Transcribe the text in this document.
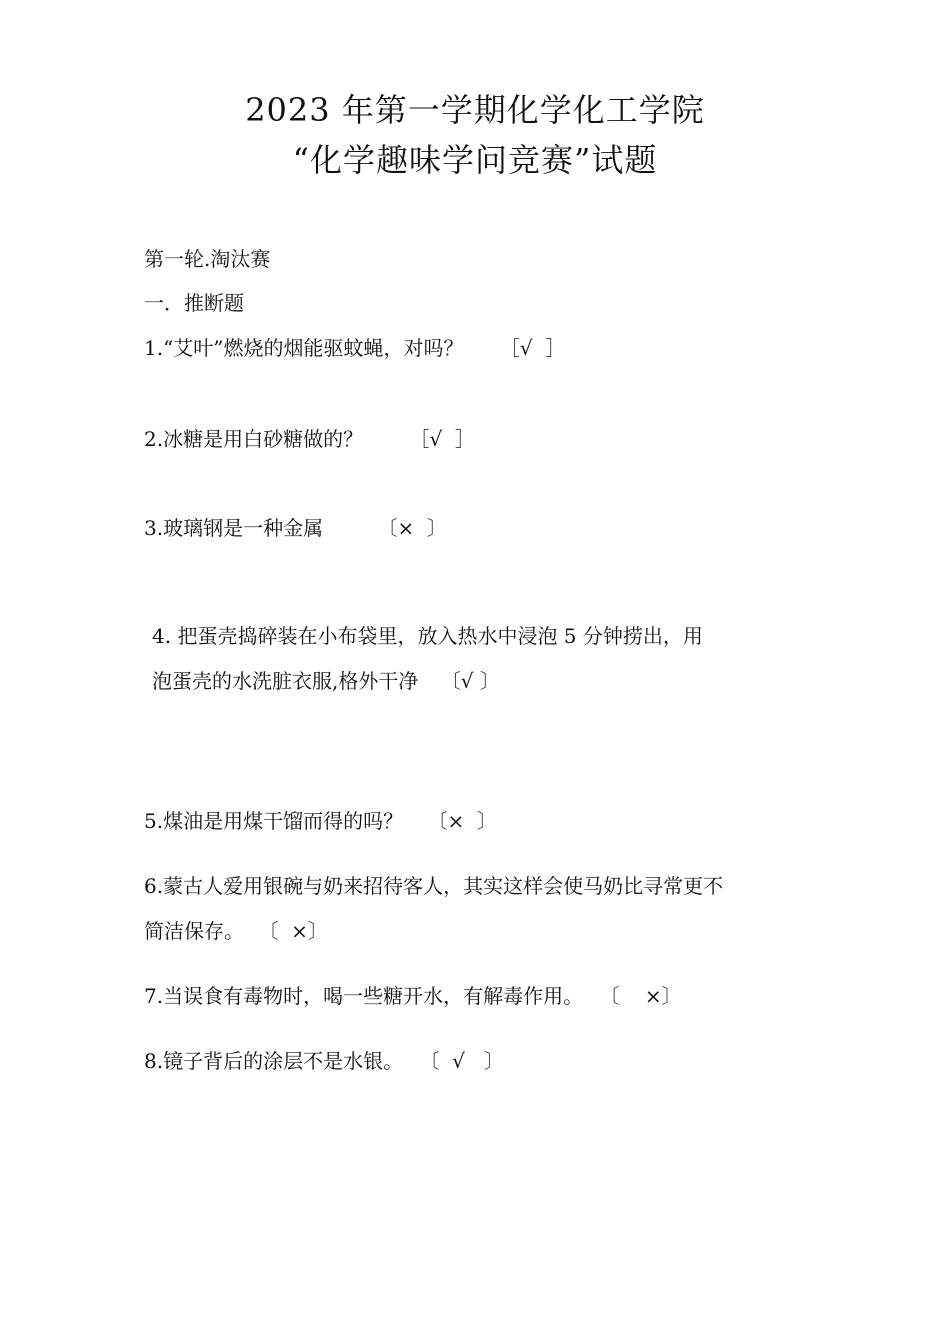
2023 年第一学期化学化工学院
“化学趣味学问竞赛”试题
第一轮.淘汰赛
一．推断题
1.“艾叶”燃烧的烟能驱蚊蝇，对吗？ ［√  ］
2.冰糖是用白砂糖做的？ ［√  ］
3.玻璃钢是一种金属	〔×  〕
4. 把蛋壳捣碎装在小布袋里，放入热水中浸泡 5 分钟捞出，用
泡蛋壳的水洗脏衣服,格外干净 〔√ 〕
5.煤油是用煤干馏而得的吗？ 〔×  〕
6.蒙古人爱用银碗与奶来招待客人，其实这样会使马奶比寻常更不
简洁保存。 〔  ×〕
7.当误食有毒物时，喝一些糖开水，有解毒作用。 〔    ×〕
8.镜子背后的涂层不是水银。 〔  √   〕
